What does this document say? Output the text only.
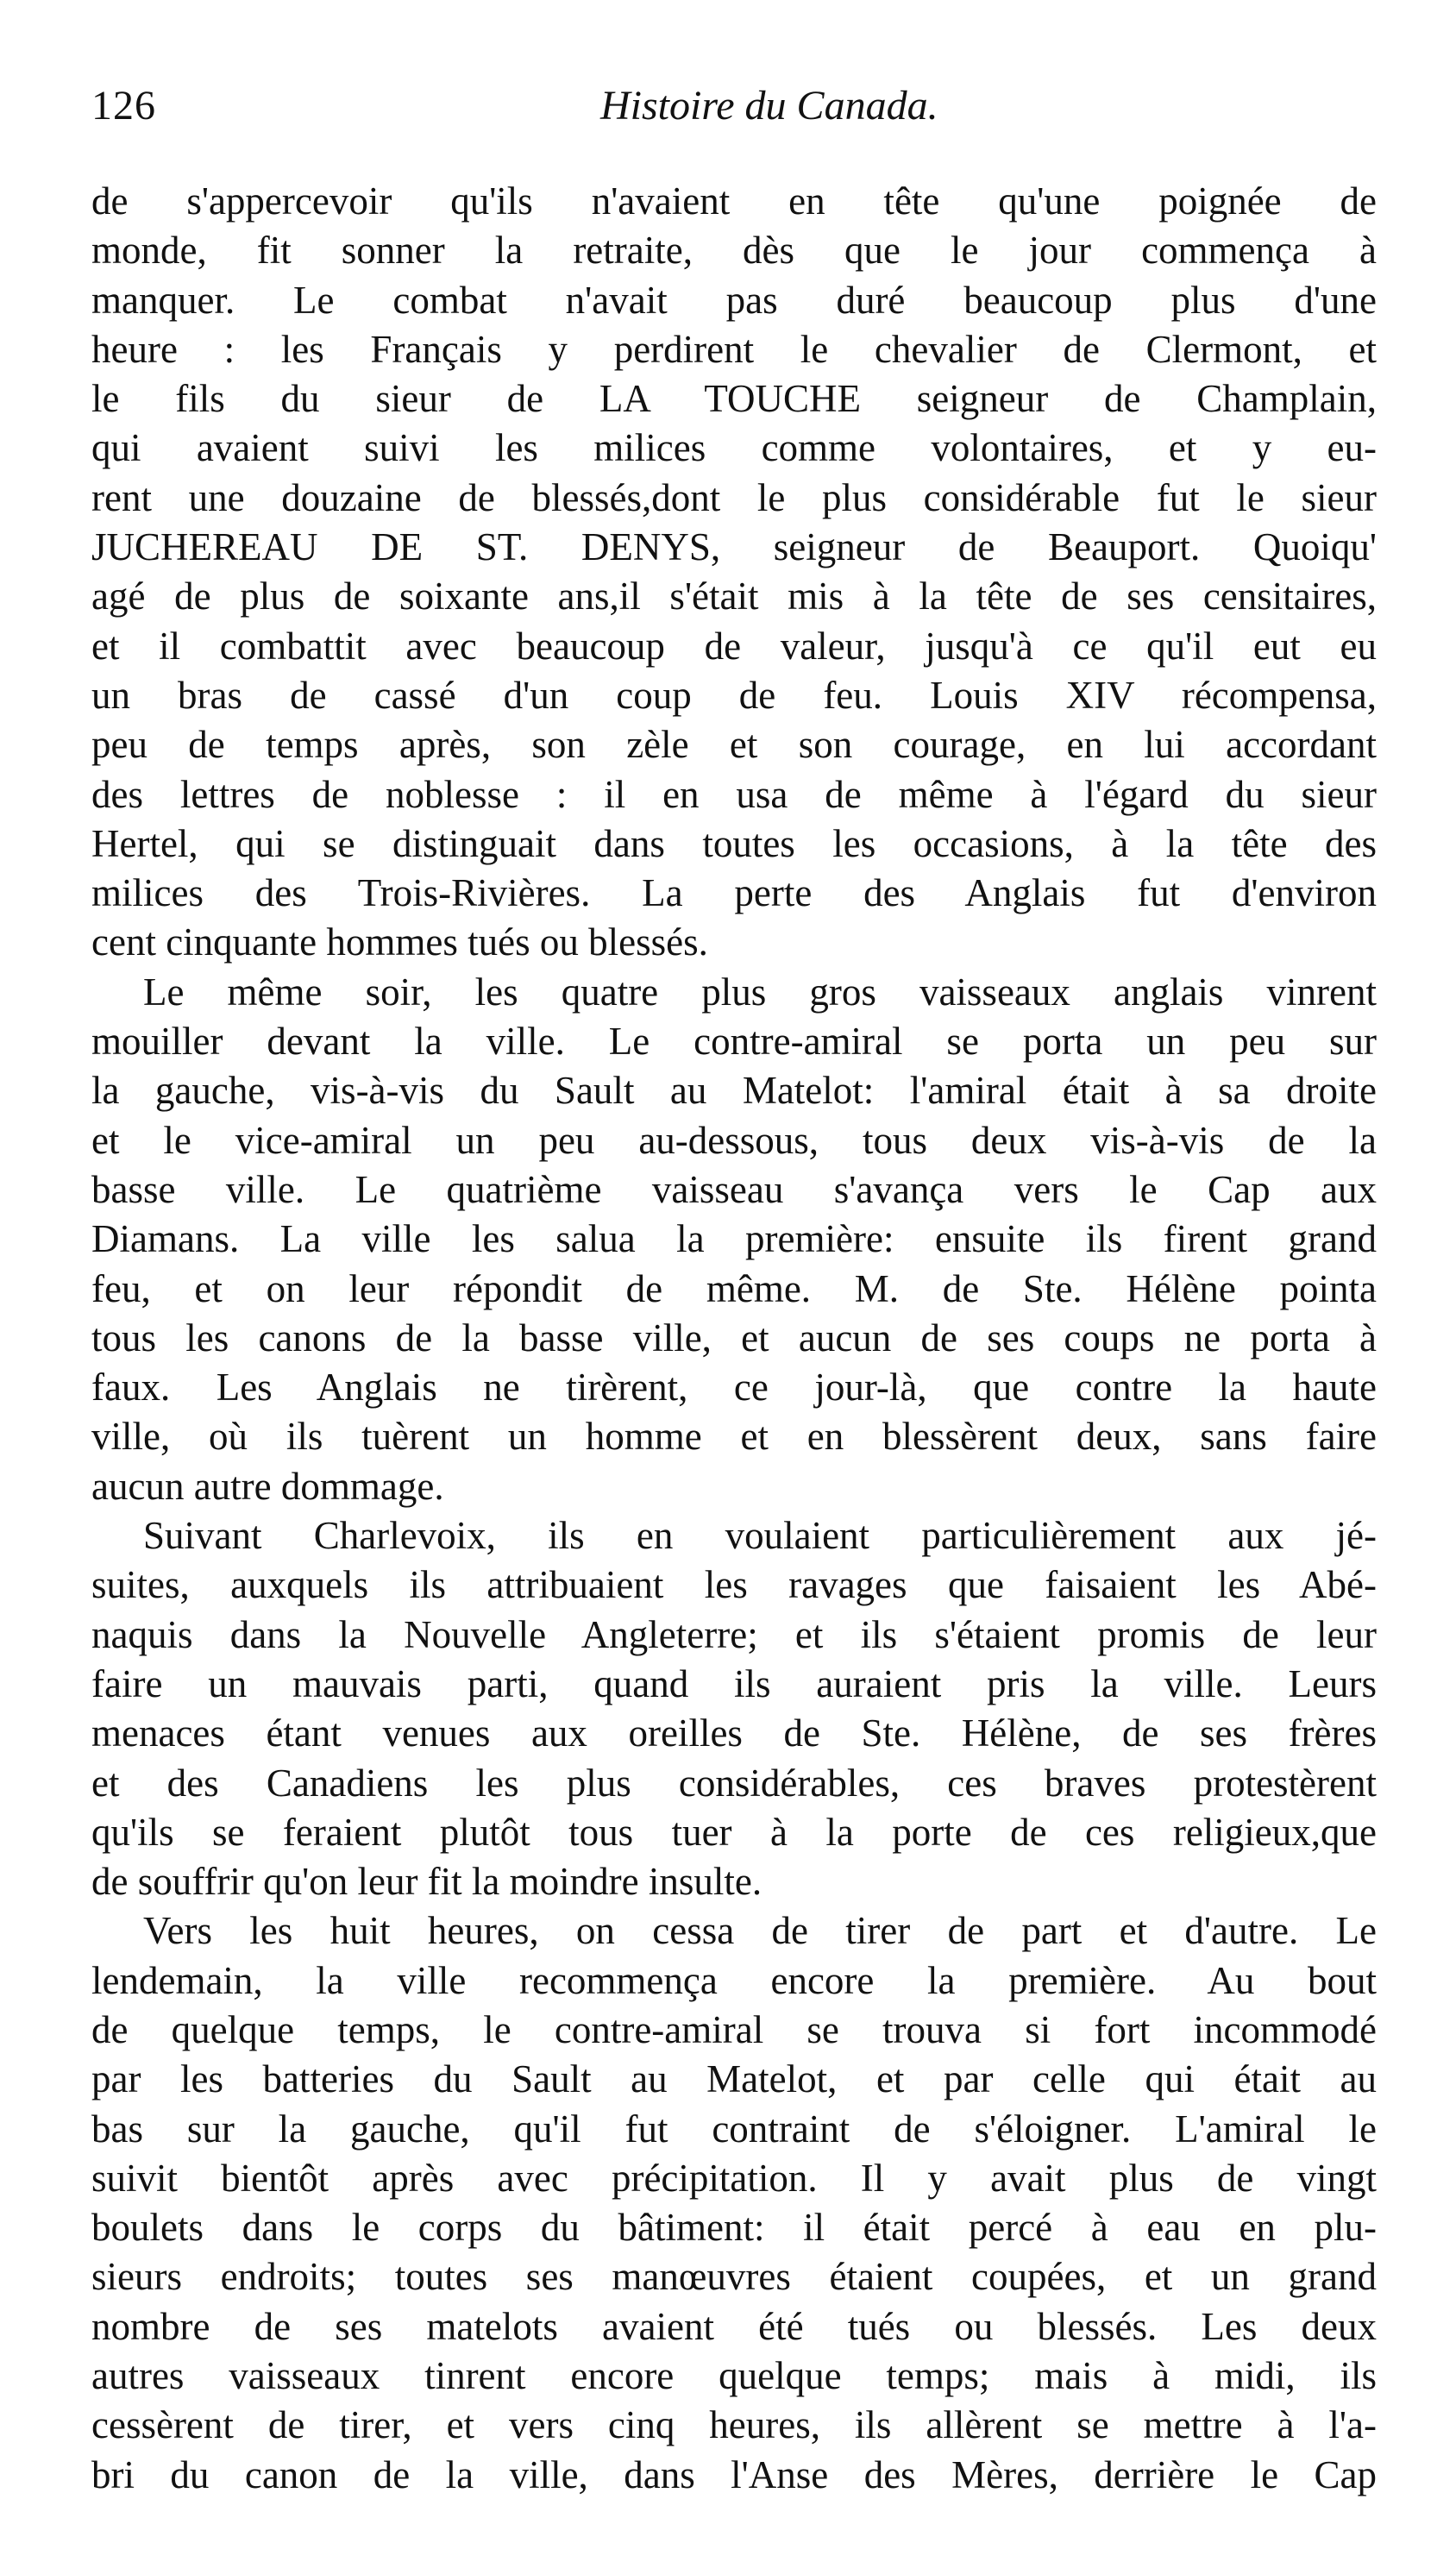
126	Histoire du Canada.
de s'appercevoir qu'ils n'avaient en tête qu'une poignée de
monde, fit sonner la retraite, dès que le jour commença à
manquer. Le combat n'avait pas duré beaucoup plus d'une
heure : les Français y perdirent le chevalier de Clermont, et
le fils du sieur de LA TOUCHE seigneur de Champlain,
qui avaient suivi les milices comme volontaires, et y eu-
rent une douzaine de blessés,dont le plus considérable fut le sieur
JUCHEREAU DE ST. DENYS, seigneur de Beauport. Quoiqu'
agé de plus de soixante ans,il s'était mis à la tête de ses censitaires,
et il combattit avec beaucoup de valeur, jusqu'à ce qu'il eut eu
un bras de cassé d'un coup de feu. Louis XIV récompensa,
peu de temps après, son zèle et son courage, en lui accordant
des lettres de noblesse : il en usa de même à l'égard du sieur
Hertel, qui se distinguait dans toutes les occasions, à la tête des
milices des Trois-Rivières. La perte des Anglais fut d'environ
cent cinquante hommes tués ou blessés.
Le même soir, les quatre plus gros vaisseaux anglais vinrent
mouiller devant la ville. Le contre-amiral se porta un peu sur
la gauche, vis-à-vis du Sault au Matelot: l'amiral était à sa droite
et le vice-amiral un peu au-dessous, tous deux vis-à-vis de la
basse ville. Le quatrième vaisseau s'avança vers le Cap aux
Diamans. La ville les salua la première: ensuite ils firent grand
feu, et on leur répondit de même. M. de Ste. Hélène pointa
tous les canons de la basse ville, et aucun de ses coups ne porta à
faux. Les Anglais ne tirèrent, ce jour-là, que contre la haute
ville, où ils tuèrent un homme et en blessèrent deux, sans faire
aucun autre dommage.
Suivant Charlevoix, ils en voulaient particulièrement aux jé-
suites, auxquels ils attribuaient les ravages que faisaient les Abé-
naquis dans la Nouvelle Angleterre; et ils s'étaient promis de leur
faire un mauvais parti, quand ils auraient pris la ville. Leurs
menaces étant venues aux oreilles de Ste. Hélène, de ses frères
et des Canadiens les plus considérables, ces braves protestèrent
qu'ils se feraient plutôt tous tuer à la porte de ces religieux,que
de souffrir qu'on leur fit la moindre insulte.
Vers les huit heures, on cessa de tirer de part et d'autre. Le
lendemain, la ville recommença encore la première. Au bout
de quelque temps, le contre-amiral se trouva si fort incommodé
par les batteries du Sault au Matelot, et par celle qui était au
bas sur la gauche, qu'il fut contraint de s'éloigner. L'amiral le
suivit bientôt après avec précipitation. Il y avait plus de vingt
boulets dans le corps du bâtiment: il était percé à eau en plu-
sieurs endroits; toutes ses manœuvres étaient coupées, et un grand
nombre de ses matelots avaient été tués ou blessés. Les deux
autres vaisseaux tinrent encore quelque temps; mais à midi, ils
cessèrent de tirer, et vers cinq heures, ils allèrent se mettre à l'a-
bri du canon de la ville, dans l'Anse des Mères, derrière le Cap
